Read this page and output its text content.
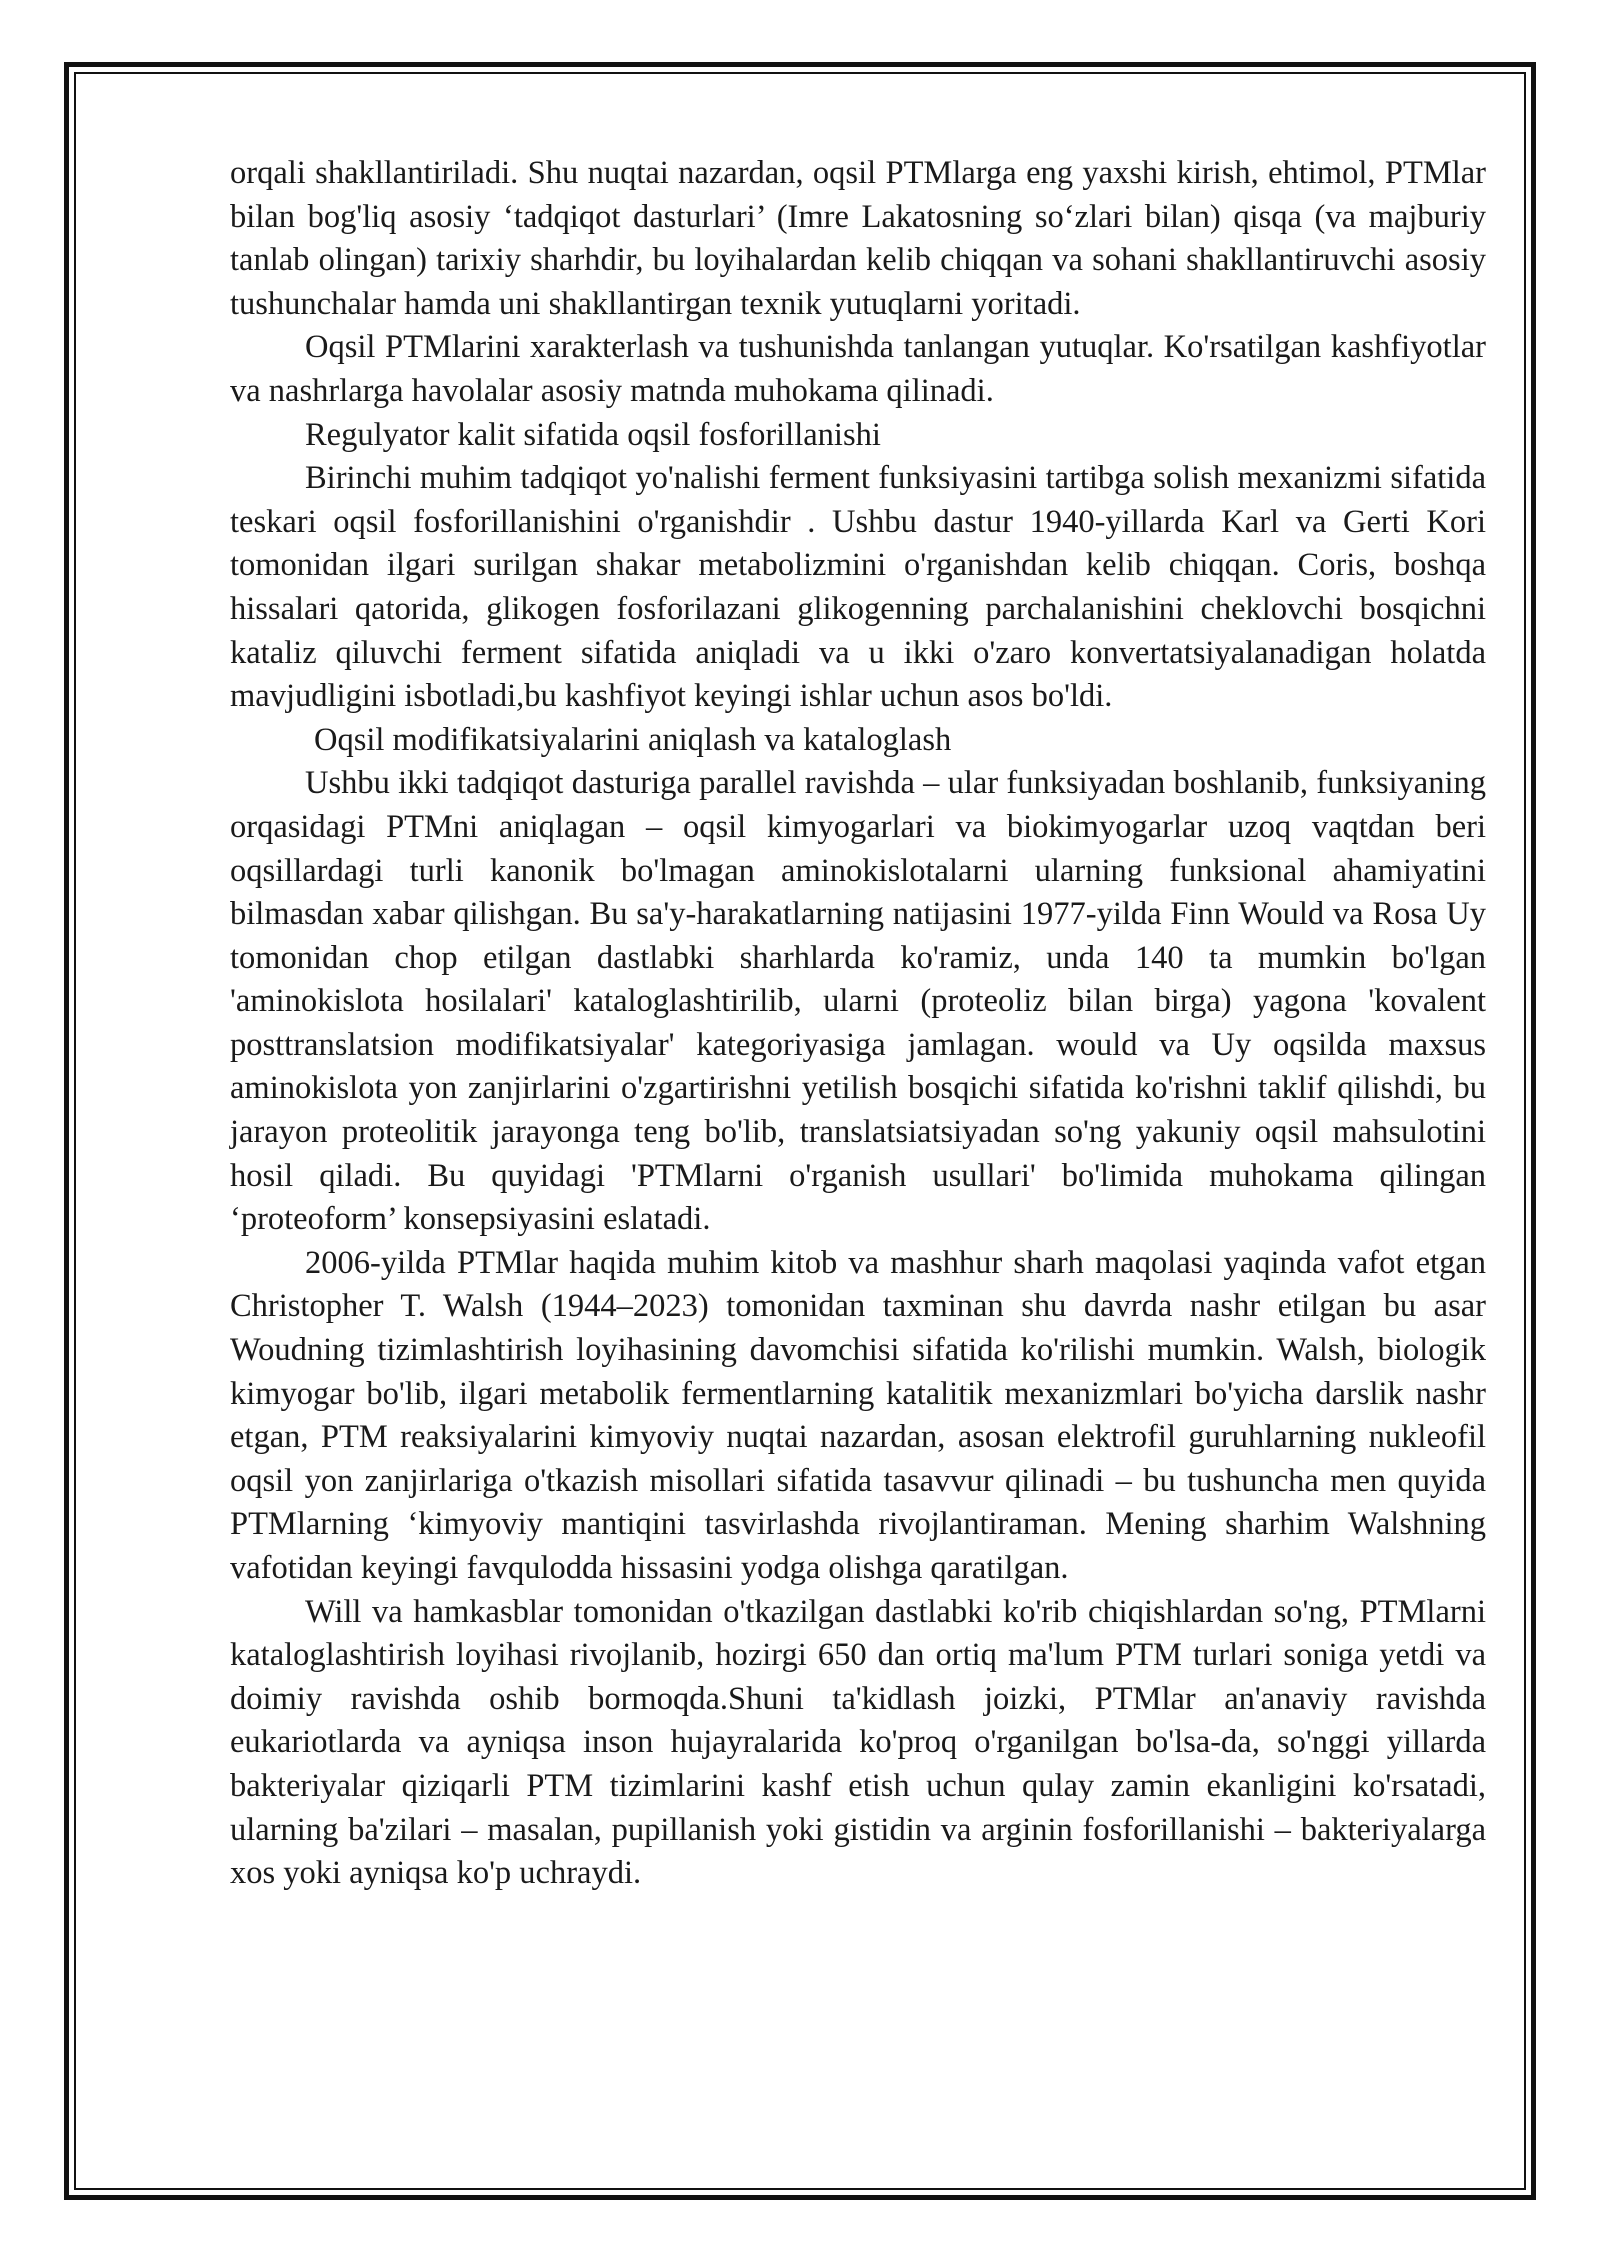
orqali shakllantiriladi. Shu nuqtai nazardan, oqsil PTMlarga eng yaxshi kirish, ehtimol, PTMlar bilan bog'liq asosiy ‘tadqiqot dasturlari’ (Imre Lakatosning so‘zlari bilan) qisqa (va majburiy tanlab olingan) tarixiy sharhdir, bu loyihalardan kelib chiqqan va sohani shakllantiruvchi asosiy tushunchalar hamda uni shakllantirgan texnik yutuqlarni yoritadi.

Oqsil PTMlarini xarakterlash va tushunishda tanlangan yutuqlar. Ko'rsatilgan kashfiyotlar va nashrlarga havolalar asosiy matnda muhokama qilinadi.

Regulyator kalit sifatida oqsil fosforillanishi

Birinchi muhim tadqiqot yo'nalishi ferment funksiyasini tartibga solish mexanizmi sifatida teskari oqsil fosforillanishini o'rganishdir . Ushbu dastur 1940-yillarda Karl va Gerti Kori tomonidan ilgari surilgan shakar metabolizmini o'rganishdan kelib chiqqan. Coris, boshqa hissalari qatorida, glikogen fosforilazani glikogenning parchalanishini cheklovchi bosqichni kataliz qiluvchi ferment sifatida aniqladi va u ikki o'zaro konvertatsiyalanadigan holatda mavjudligini isbotladi,bu kashfiyot keyingi ishlar uchun asos bo'ldi.

Oqsil modifikatsiyalarini aniqlash va kataloglash

Ushbu ikki tadqiqot dasturiga parallel ravishda – ular funksiyadan boshlanib, funksiyaning orqasidagi PTMni aniqlagan – oqsil kimyogarlari va biokimyogarlar uzoq vaqtdan beri oqsillardagi turli kanonik bo'lmagan aminokislotalarni ularning funksional ahamiyatini bilmasdan xabar qilishgan. Bu sa'y-harakatlarning natijasini 1977-yilda Finn Would va Rosa Uy tomonidan chop etilgan dastlabki sharhlarda ko'ramiz, unda 140 ta mumkin bo'lgan 'aminokislota hosilalari' kataloglashtirilib, ularni (proteoliz bilan birga) yagona 'kovalent posttranslatsion modifikatsiyalar' kategoriyasiga jamlagan. would va Uy oqsilda maxsus aminokislota yon zanjirlarini o'zgartirishni yetilish bosqichi sifatida ko'rishni taklif qilishdi, bu jarayon proteolitik jarayonga teng bo'lib, translatsiatsiyadan so'ng yakuniy oqsil mahsulotini hosil qiladi. Bu quyidagi 'PTMlarni o'rganish usullari' bo'limida muhokama qilingan ‘proteoform’ konsepsiyasini eslatadi.

2006-yilda PTMlar haqida muhim kitob va mashhur sharh maqolasi yaqinda vafot etgan Christopher T. Walsh (1944–2023) tomonidan taxminan shu davrda nashr etilgan bu asar Woudning tizimlashtirish loyihasining davomchisi sifatida ko'rilishi mumkin. Walsh, biologik kimyogar bo'lib, ilgari metabolik fermentlarning katalitik mexanizmlari bo'yicha darslik nashr etgan, PTM reaksiyalarini kimyoviy nuqtai nazardan, asosan elektrofil guruhlarning nukleofil oqsil yon zanjirlariga o'tkazish misollari sifatida tasavvur qilinadi – bu tushuncha men quyida PTMlarning ‘kimyoviy mantiqini tasvirlashda rivojlantiraman. Mening sharhim Walshning vafotidan keyingi favqulodda hissasini yodga olishga qaratilgan.

Will va hamkasblar tomonidan o'tkazilgan dastlabki ko'rib chiqishlardan so'ng, PTMlarni kataloglashtirish loyihasi rivojlanib, hozirgi 650 dan ortiq ma'lum PTM turlari soniga yetdi va doimiy ravishda oshib bormoqda.Shuni ta'kidlash joizki, PTMlar an'anaviy ravishda eukariotlarda va ayniqsa inson hujayralarida ko'proq o'rganilgan bo'lsa-da, so'nggi yillarda bakteriyalar qiziqarli PTM tizimlarini kashf etish uchun qulay zamin ekanligini ko'rsatadi, ularning ba'zilari – masalan, pupillanish yoki gistidin va arginin fosforillanishi – bakteriyalarga xos yoki ayniqsa ko'p uchraydi.
